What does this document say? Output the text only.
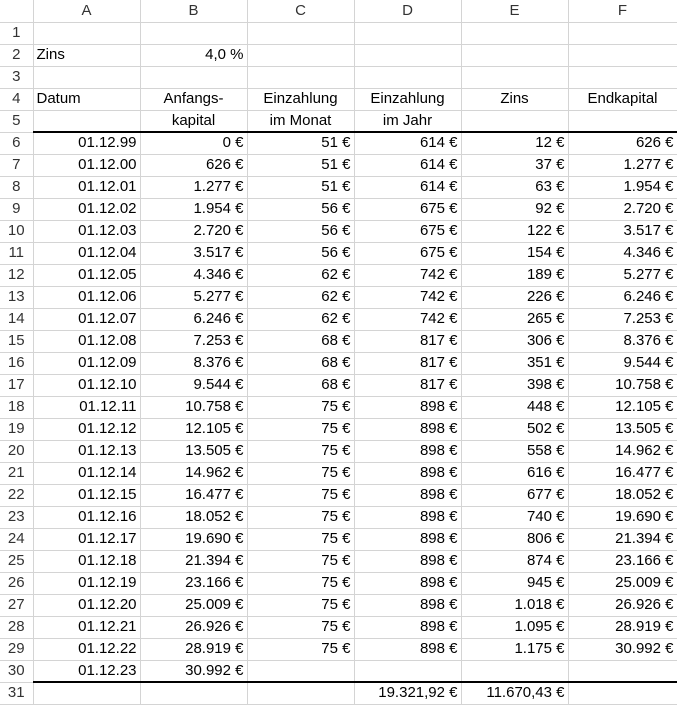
	A	B	C	D	E	F
1						
2	Zins	4,0 %				
3						
4	Datum	Anfangs-	Einzahlung	Einzahlung	Zins	Endkapital
5		kapital	im Monat	im Jahr		
6	01.12.99	0 €	51 €	614 €	12 €	626 €
7	01.12.00	626 €	51 €	614 €	37 €	1.277 €
8	01.12.01	1.277 €	51 €	614 €	63 €	1.954 €
9	01.12.02	1.954 €	56 €	675 €	92 €	2.720 €
10	01.12.03	2.720 €	56 €	675 €	122 €	3.517 €
11	01.12.04	3.517 €	56 €	675 €	154 €	4.346 €
12	01.12.05	4.346 €	62 €	742 €	189 €	5.277 €
13	01.12.06	5.277 €	62 €	742 €	226 €	6.246 €
14	01.12.07	6.246 €	62 €	742 €	265 €	7.253 €
15	01.12.08	7.253 €	68 €	817 €	306 €	8.376 €
16	01.12.09	8.376 €	68 €	817 €	351 €	9.544 €
17	01.12.10	9.544 €	68 €	817 €	398 €	10.758 €
18	01.12.11	10.758 €	75 €	898 €	448 €	12.105 €
19	01.12.12	12.105 €	75 €	898 €	502 €	13.505 €
20	01.12.13	13.505 €	75 €	898 €	558 €	14.962 €
21	01.12.14	14.962 €	75 €	898 €	616 €	16.477 €
22	01.12.15	16.477 €	75 €	898 €	677 €	18.052 €
23	01.12.16	18.052 €	75 €	898 €	740 €	19.690 €
24	01.12.17	19.690 €	75 €	898 €	806 €	21.394 €
25	01.12.18	21.394 €	75 €	898 €	874 €	23.166 €
26	01.12.19	23.166 €	75 €	898 €	945 €	25.009 €
27	01.12.20	25.009 €	75 €	898 €	1.018 €	26.926 €
28	01.12.21	26.926 €	75 €	898 €	1.095 €	28.919 €
29	01.12.22	28.919 €	75 €	898 €	1.175 €	30.992 €
30	01.12.23	30.992 €				
31				19.321,92 €	11.670,43 €	
